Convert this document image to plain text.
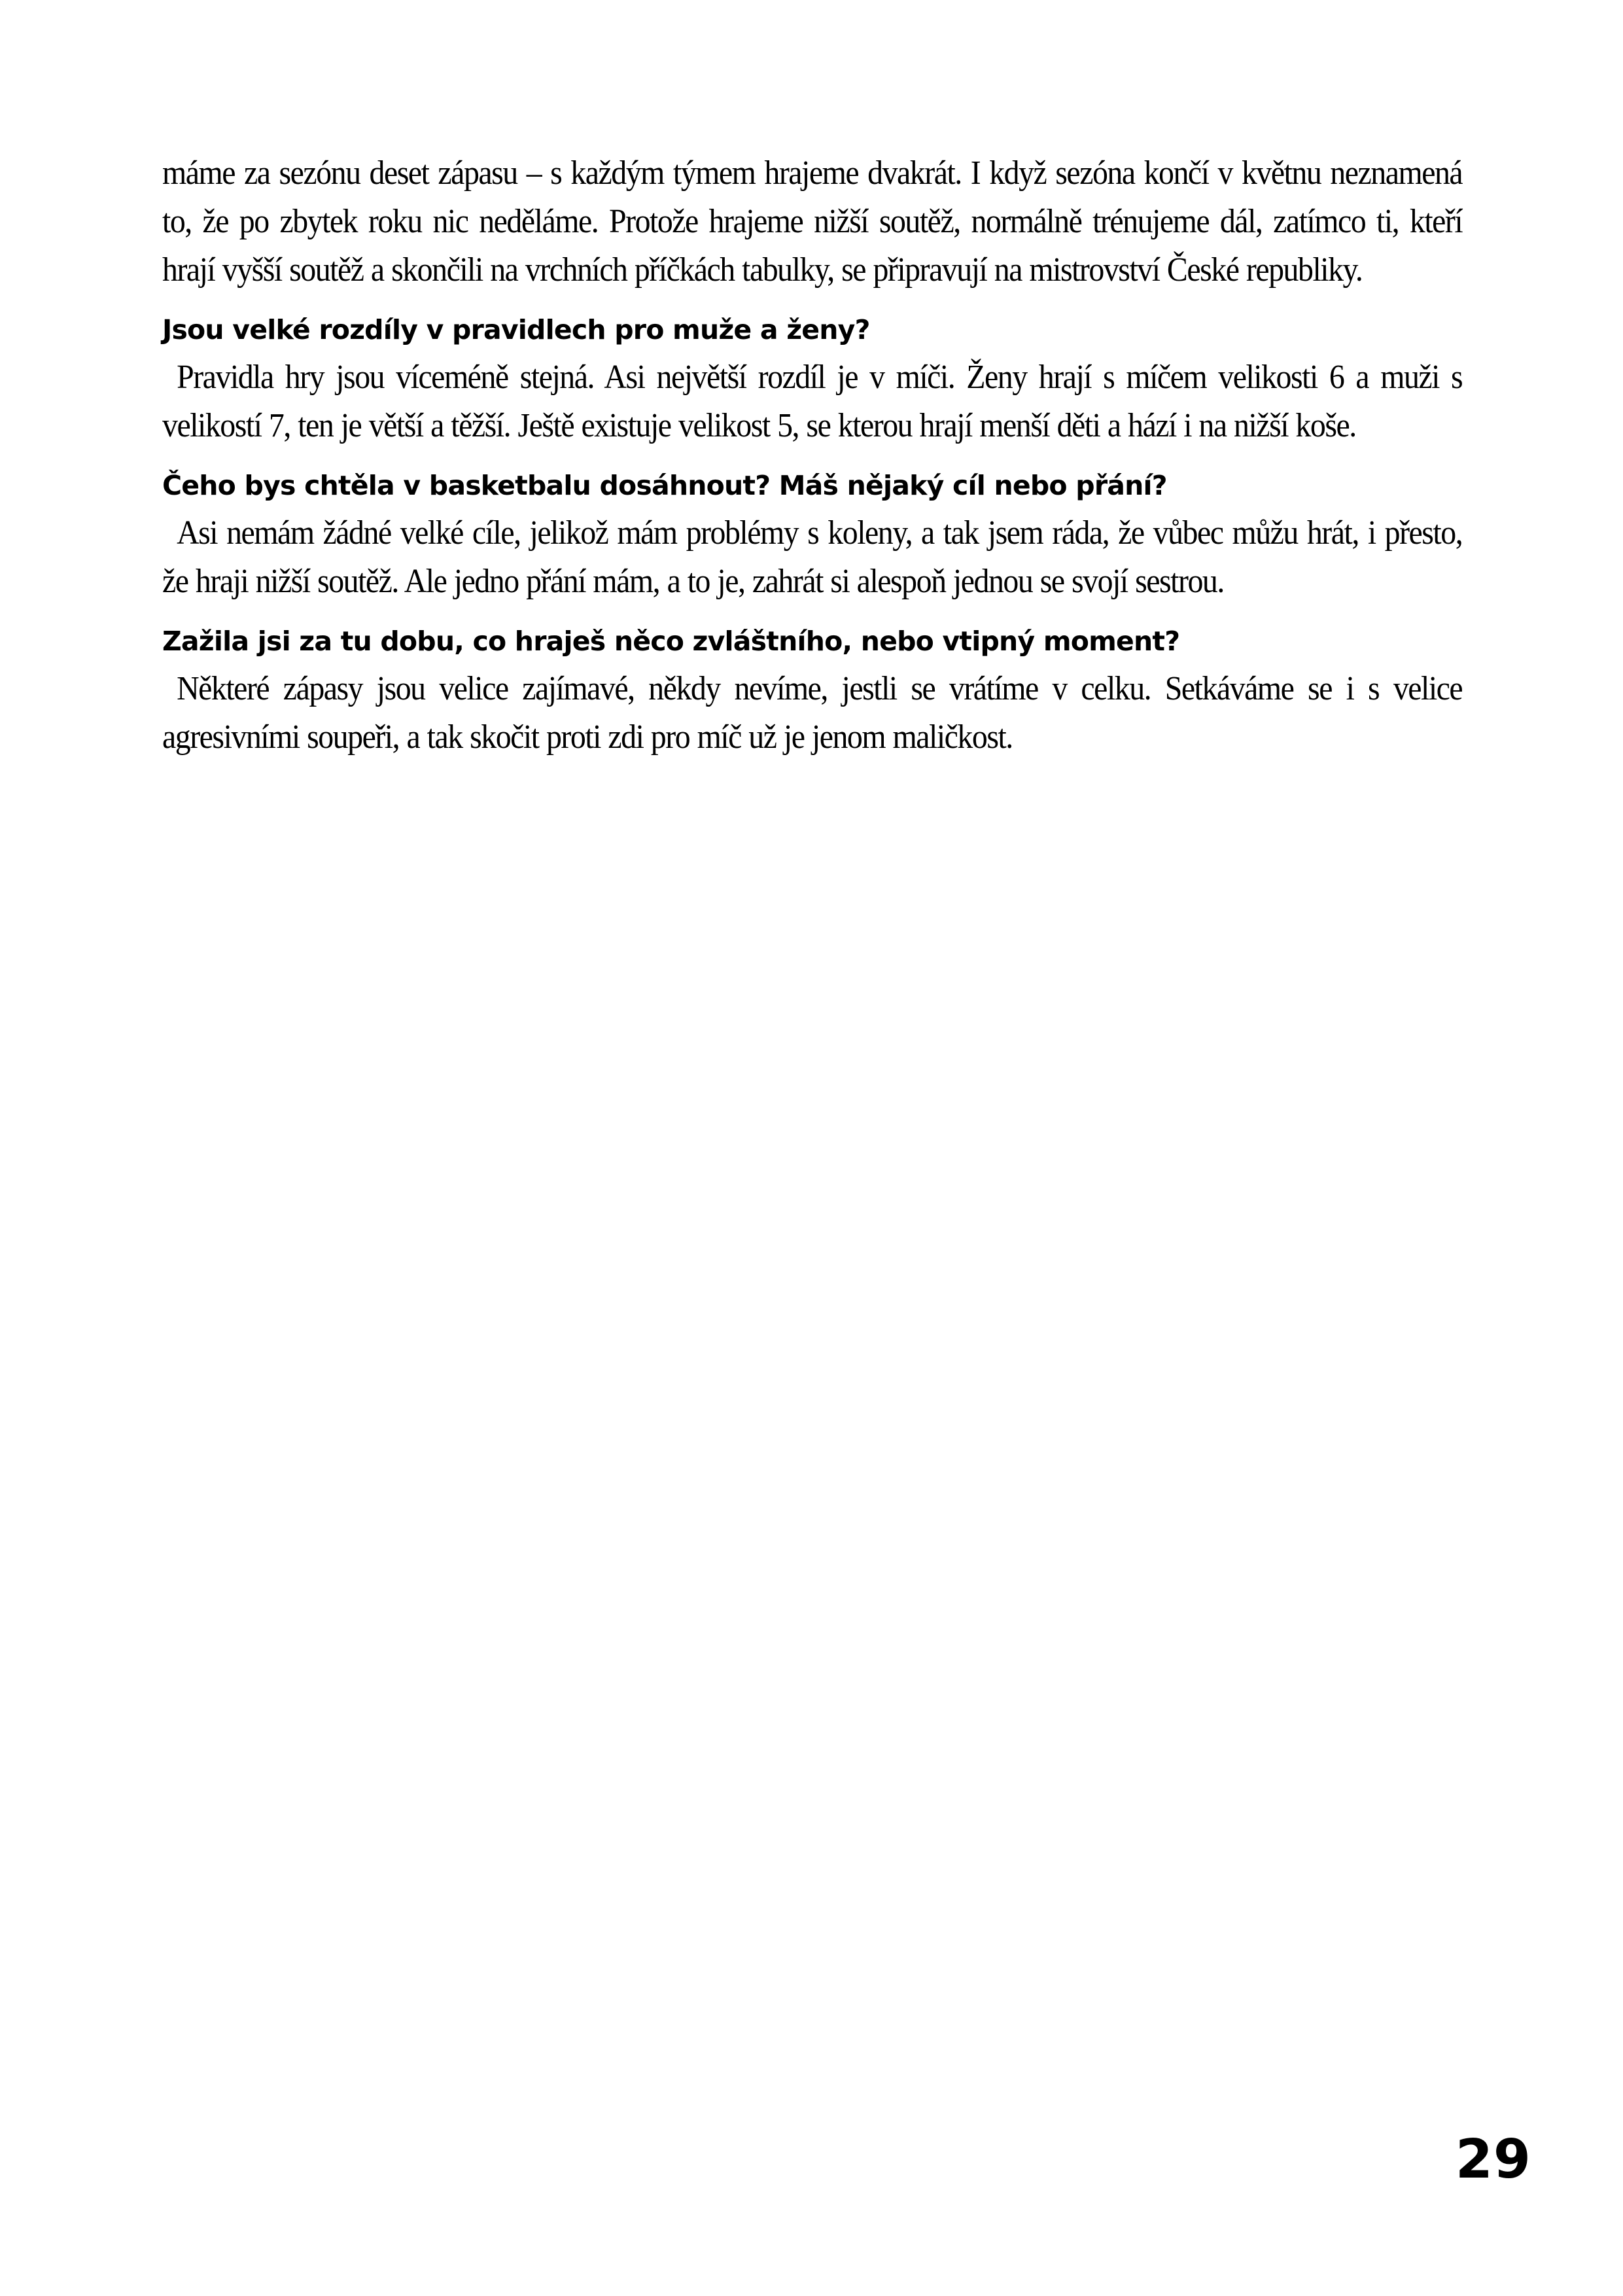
máme za sezónu deset zápasu – s každým týmem hrajeme dvakrát. I když sezóna končí v květnu neznamená to, že po zbytek roku nic neděláme. Protože hrajeme nižší soutěž, normálně trénujeme dál, zatímco ti, kteří hrají vyšší soutěž a skončili na vrchních příčkách tabulky, se připravují na mistrovství České republiky.

Jsou velké rozdíly v pravidlech pro muže a ženy?

Pravidla hry jsou víceméně stejná. Asi největší rozdíl je v míči. Ženy hrají s míčem velikosti 6 a muži s velikostí 7, ten je větší a těžší. Ještě existuje velikost 5, se kterou hrají menší děti a hází i na nižší koše.

Čeho bys chtěla v basketbalu dosáhnout? Máš nějaký cíl nebo přání?

Asi nemám žádné velké cíle, jelikož mám problémy s koleny, a tak jsem ráda, že vůbec můžu hrát, i přesto, že hraji nižší soutěž. Ale jedno přání mám, a to je, zahrát si alespoň jednou se svojí sestrou.

Zažila jsi za tu dobu, co hraješ něco zvláštního, nebo vtipný moment?

Některé zápasy jsou velice zajímavé, někdy nevíme, jestli se vrátíme v celku. Setkáváme se i s velice agresivními soupeři, a tak skočit proti zdi pro míč už je jenom maličkost.

29
